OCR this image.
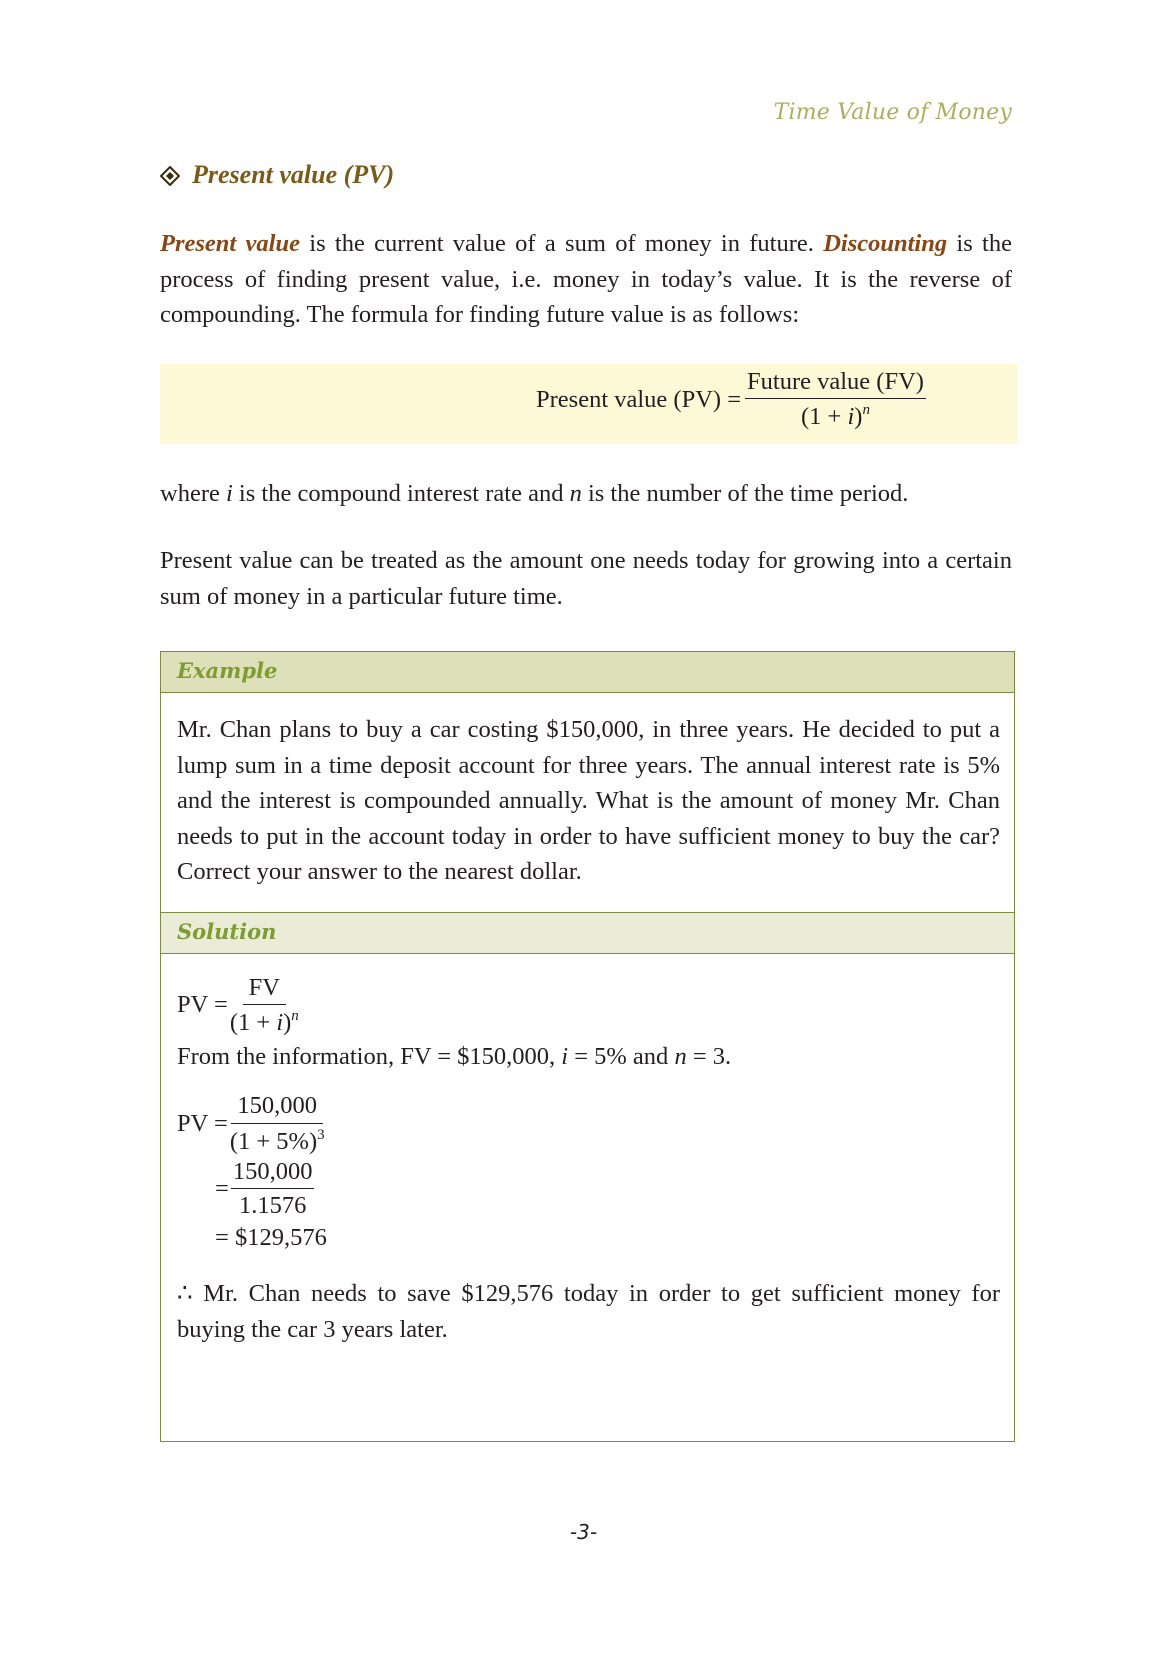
Time Value of Money
Present value (PV)

Present value is the current value of a sum of money in future. Discounting is the process of finding present value, i.e. money in today’s value. It is the reverse of compounding. The formula for finding future value is as follows:

Present value $(PV) = \frac{\text{Future value (FV)}}{(1 + i)^n}$

where i is the compound interest rate and n is the number of the time period.

Present value can be treated as the amount one needs today for growing into a certain sum of money in a particular future time.

Example

Mr. Chan plans to buy a car costing $150,000, in three years. He decided to put a lump sum in a time deposit account for three years. The annual interest rate is 5% and the interest is compounded annually. What is the amount of money Mr. Chan needs to put in the account today in order to have sufficient money to buy the car? Correct your answer to the nearest dollar.

Solution
PV = $\frac{FV}{(1 + i)^n}$

From the information, FV = $150,000, i = 5% and n = 3.

PV = $\frac{150,000}{(1 + 5\%)^3}$
= $\frac{150,000}{1.1576}$
= $129,576

∴ Mr. Chan needs to save $129,576 today in order to get sufficient money for buying the car 3 years later.

-3-
